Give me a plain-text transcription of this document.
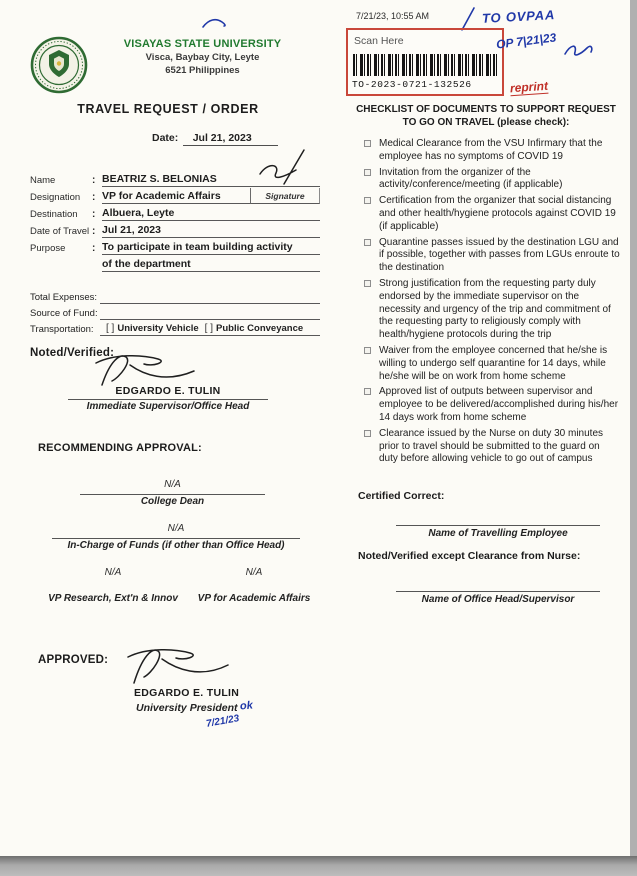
VISAYAS STATE UNIVERSITY
Visca, Baybay City, Leyte
6521 Philippines
TRAVEL REQUEST / ORDER
Date: Jul 21, 2023
Name	: BEATRIZ S. BELONIAS
Designation	: VP for Academic Affairs	Signature
Destination	: Albuera, Leyte
Date of Travel : Jul 21, 2023
Purpose	: To participate in team building activity
of the department
Total Expenses:
Source of Fund:
Transportation:	[ ] University Vehicle [ ] Public Conveyance
Noted/Verified:
EDGARDO E. TULIN
Immediate Supervisor/Office Head
RECOMMENDING APPROVAL:
N/A
College Dean
N/A
In-Charge of Funds (if other than Office Head)
N/A
VP Research, Ext'n & Innov
N/A
VP for Academic Affairs
APPROVED:
EDGARDO E. TULIN
University President ok
7/21/23
7/21/23, 10:55 AM	TO OVPAA
Scan Here
TO-2023-0721-132526
OP 7|21|23
reprint
CHECKLIST OF DOCUMENTS TO SUPPORT REQUEST
TO GO ON TRAVEL (please check):
Medical Clearance from the VSU Infirmary that the employee has no symptoms of COVID 19
Invitation from the organizer of the activity/conference/meeting (if applicable)
Certification from the organizer that social distancing and other health/hygiene protocols against COVID 19 (if applicable)
Quarantine passes issued by the destination LGU and if possible, together with passes from LGUs enroute to the destination
Strong justification from the requesting party duly endorsed by the immediate supervisor on the necessity and urgency of the trip and commitment of the requesting party to religiously comply with health/hygiene protocols during the trip
Waiver from the employee concerned that he/she is willing to undergo self quarantine for 14 days, while he/she will be on work from home scheme
Approved list of outputs between supervisor and employee to be delivered/accomplished during his/her 14 days work from home scheme
Clearance issued by the Nurse on duty 30 minutes prior to travel should be submitted to the guard on duty before allowing vehicle to go out of campus
Certified Correct:
Name of Travelling Employee
Noted/Verified except Clearance from Nurse:
Name of Office Head/Supervisor
